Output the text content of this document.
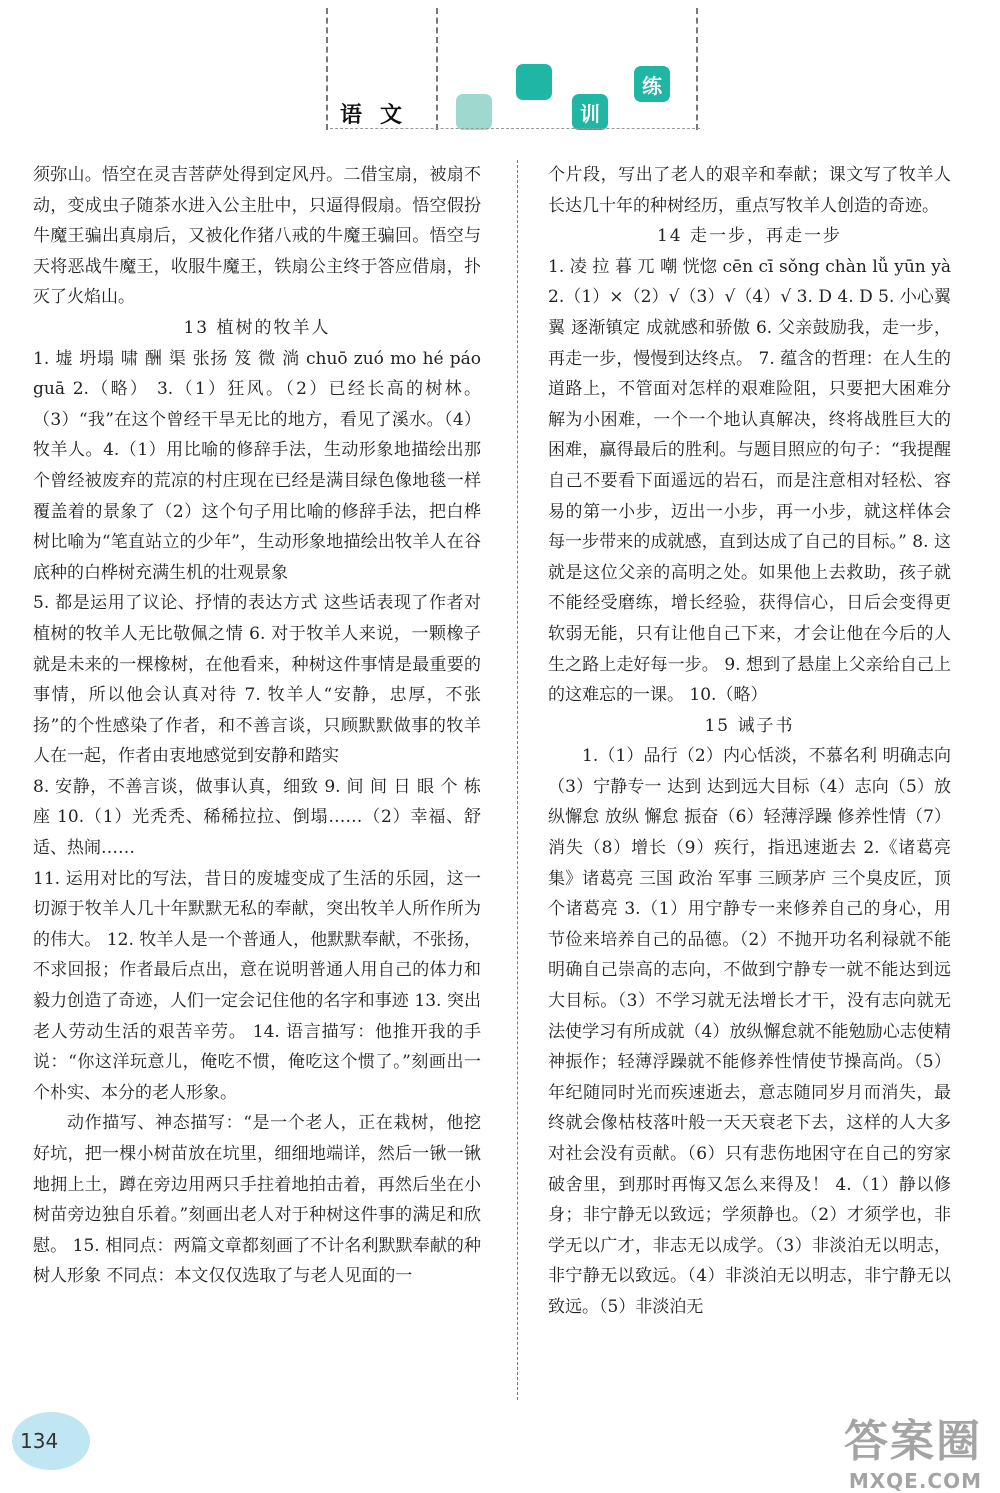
语文	训
练

须弥山。悟空在灵吉菩萨处得到定风丹。二借宝扇，被扇不动，变成虫子随茶水进入公主肚中，只逼得假扇。悟空假扮牛魔王骗出真扇后，又被化作猪八戒的牛魔王骗回。悟空与天将恶战牛魔王，收服牛魔王，铁扇公主终于答应借扇，扑灭了火焰山。

13 植树的牧羊人

1. 墟 坍塌 啸 酬 渠 张扬 笈 微 淌 chuō zuó mo hé páo guā 2.（略） 3.（1）狂风。（2）已经长高的树林。（3）“我”在这个曾经干旱无比的地方，看见了溪水。（4）牧羊人。4.（1）用比喻的修辞手法，生动形象地描绘出那个曾经被废弃的荒凉的村庄现在已经是满目绿色像地毯一样覆盖着的景象了（2）这个句子用比喻的修辞手法，把白桦树比喻为“笔直站立的少年”，生动形象地描绘出牧羊人在谷底种的白桦树充满生机的壮观景象

5. 都是运用了议论、抒情的表达方式 这些话表现了作者对植树的牧羊人无比敬佩之情 6. 对于牧羊人来说，一颗橡子就是未来的一棵橡树，在他看来，种树这件事情是最重要的事情，所以他会认真对待 7. 牧羊人“安静，忠厚，不张扬”的个性感染了作者，和不善言谈，只顾默默做事的牧羊人在一起，作者由衷地感觉到安静和踏实

8. 安静，不善言谈，做事认真，细致 9. 间 间 日 眼 个 栋 座 10.（1）光秃秃、稀稀拉拉、倒塌……（2）幸福、舒适、热闹……

11. 运用对比的写法，昔日的废墟变成了生活的乐园，这一切源于牧羊人几十年默默无私的奉献，突出牧羊人所作所为的伟大。 12. 牧羊人是一个普通人，他默默奉献，不张扬，不求回报；作者最后点出，意在说明普通人用自己的体力和毅力创造了奇迹，人们一定会记住他的名字和事迹 13. 突出老人劳动生活的艰苦辛劳。 14. 语言描写：他推开我的手说：“你这洋玩意儿，俺吃不惯，俺吃这个惯了。”刻画出一个朴实、本分的老人形象。

动作描写、神态描写：“是一个老人，正在栽树，他挖好坑，把一棵小树苗放在坑里，细细地端详，然后一锹一锹地拥上土，蹲在旁边用两只手拄着地拍击着，再然后坐在小树苗旁边独自乐着。”刻画出老人对于种树这件事的满足和欣慰。 15. 相同点：两篇文章都刻画了不计名利默默奉献的种树人形象 不同点：本文仅仅选取了与老人见面的一

个片段，写出了老人的艰辛和奉献；课文写了牧羊人长达几十年的种树经历，重点写牧羊人创造的奇迹。

14 走一步，再走一步

1. 凌 拉 暮 兀 嘲 恍惚 cēn cī sǒng chàn lǚ yūn yà 2.（1）×（2）√（3）√（4）√ 3. D 4. D 5. 小心翼翼 逐渐镇定 成就感和骄傲 6. 父亲鼓励我，走一步，再走一步，慢慢到达终点。 7. 蕴含的哲理：在人生的道路上，不管面对怎样的艰难险阻，只要把大困难分解为小困难，一个一个地认真解决，终将战胜巨大的困难，赢得最后的胜利。与题目照应的句子：“我提醒自己不要看下面遥远的岩石，而是注意相对轻松、容易的第一小步，迈出一小步，再一小步，就这样体会每一步带来的成就感，直到达成了自己的目标。” 8. 这就是这位父亲的高明之处。如果他上去救助，孩子就不能经受磨练，增长经验，获得信心，日后会变得更软弱无能，只有让他自己下来，才会让他在今后的人生之路上走好每一步。 9. 想到了悬崖上父亲给自己上的这难忘的一课。 10.（略）

15 诫子书

1.（1）品行（2）内心恬淡，不慕名利 明确志向（3）宁静专一 达到 达到远大目标（4）志向（5）放纵懈怠 放纵 懈怠 振奋（6）轻薄浮躁 修养性情（7）消失（8）增长（9）疾行，指迅速逝去 2.《诸葛亮集》诸葛亮 三国 政治 军事 三顾茅庐 三个臭皮匠，顶个诸葛亮 3.（1）用宁静专一来修养自己的身心，用节俭来培养自己的品德。（2）不抛开功名利禄就不能明确自己崇高的志向，不做到宁静专一就不能达到远大目标。（3）不学习就无法增长才干，没有志向就无法使学习有所成就（4）放纵懈怠就不能勉励心志使精神振作；轻薄浮躁就不能修养性情使节操高尚。（5）年纪随同时光而疾速逝去，意志随同岁月而消失，最终就会像枯枝落叶般一天天衰老下去，这样的人大多对社会没有贡献。（6）只有悲伤地困守在自己的穷家破舍里，到那时再悔又怎么来得及！ 4.（1）静以修身；非宁静无以致远；学须静也。（2）才须学也，非学无以广才，非志无以成学。（3）非淡泊无以明志，非宁静无以致远。（4）非淡泊无以明志，非宁静无以致远。（5）非淡泊无

134	答案圈
MXQE.COM
